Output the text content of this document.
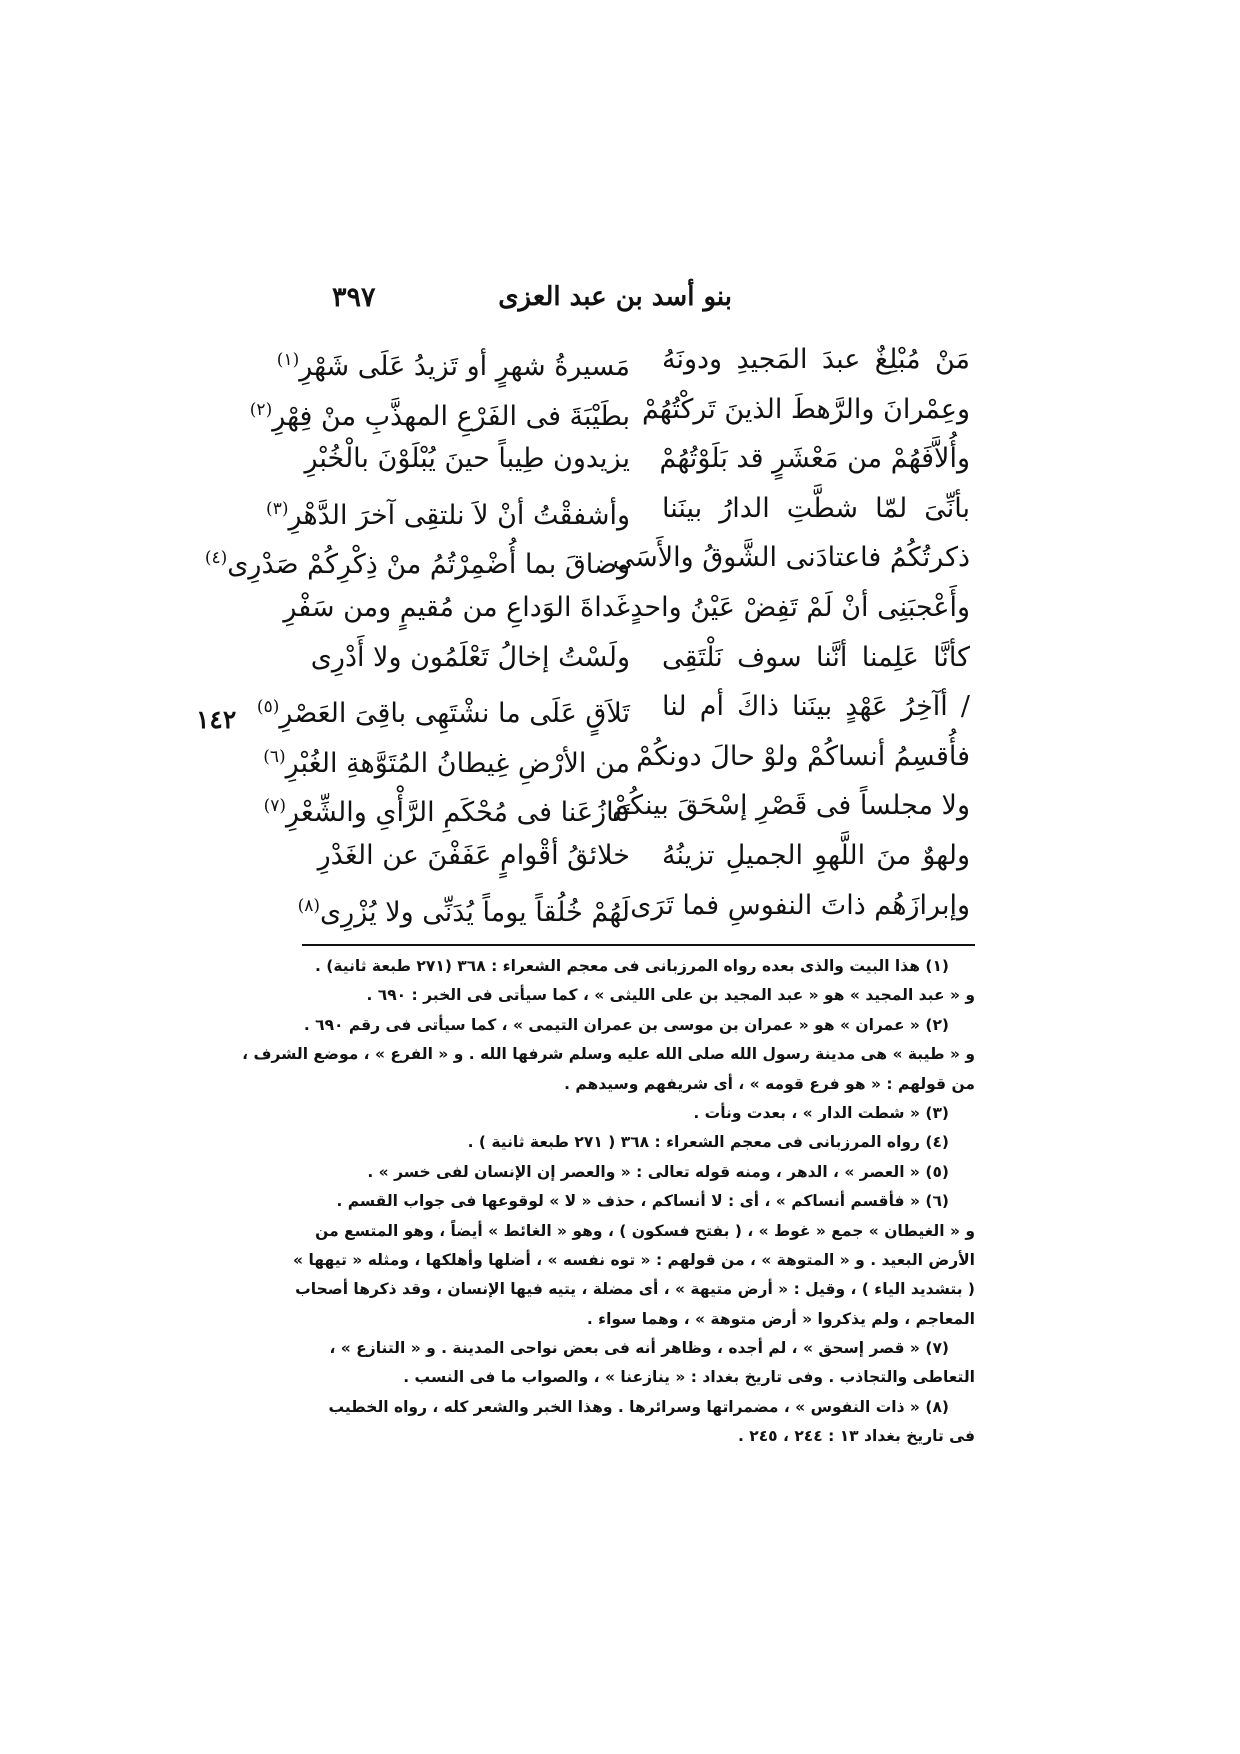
بنو أسد بن عبد العزى
٣٩٧
١٤٢
مَنْ مُبْلِغٌ عبدَ المَجيدِ ودونَهُ
مَسيرةُ شهرٍ أو تَزيدُ عَلَى شَهْرِ$^{(١)}$
وعِمْرانَ والرَّهطَ الذينَ تَركْتُهُمْ
بطَيْبَةَ فى الفَرْعِ المهذَّبِ منْ فِهْرِ$^{(٢)}$
وأُلاَّفَهُمْ من مَعْشَرٍ قد بَلَوْتُهُمْ
يزيدون طِيباً حينَ يُبْلَوْنَ بالْخُبْرِ
بأنِّىَ لمّا شطَّتِ الدارُ بينَنا
وأشفقْتُ أنْ لاَ نلتقِى آخرَ الدَّهْرِ$^{(٣)}$
ذكرتُكُمُ فاعتادَنى الشَّوقُ والأَسَى
وضاقَ بما أُضْمِرْتُمُ منْ ذِكْرِكُمْ صَدْرِى$^{(٤)}$
وأَعْجبَنِى أنْ لَمْ تَفِضْ عَيْنُ واحدٍ
غَداةَ الوَداعِ من مُقيمٍ ومن سَفْرِ
كأنَّا عَلِمنا أنَّنا سوف نَلْتَقِى
ولَسْتُ إخالُ تَعْلَمُون ولا أَدْرِى
/ أآخِرُ عَهْدٍ بينَنا ذاكَ أم لنا
تَلاَقٍ عَلَى ما نشْتَهِى باقِىَ العَصْرِ$^{(٥)}$
فأُقسِمُ أنساكُمْ ولوْ حالَ دونكُمْ
من الأرْضِ غِيطانُ المُتَوَّهةِ الغُبْرِ$^{(٦)}$
ولا مجلساً فى قَصْرِ إسْحَقَ بينكُمْ
تَنازُعَنا فى مُحْكَمِ الرَّأْىِ والشِّعْرِ$^{(٧)}$
ولهوٌ منَ اللَّهوِ الجميلِ تزينُهُ
خلائقُ أقْوامٍ عَفَفْنَ عن الغَدْرِ
وإبرازَهُم ذاتَ النفوسِ فما تَرَى
لَهُمْ خُلُقاً يوماً يُدَنِّى ولا يُزْرِى$^{(٨)}$
(١) هذا البيت والذى بعده رواه المرزبانى فى معجم الشعراء : ٣٦٨ (٢٧١ طبعة ثانية) .
و « عبد المجيد » هو « عبد المجيد بن على الليثى » ، كما سيأتى فى الخبر : ٦٩٠ .
(٢) « عمران » هو « عمران بن موسى بن عمران التيمى » ، كما سيأتى فى رقم ٦٩٠ .
و « طيبة » هى مدينة رسول الله صلى الله عليه وسلم شرفها الله . و « الفرع » ، موضع الشرف ،
من قولهم : « هو فرع قومه » ، أى شريفهم وسيدهم .
(٣) « شطت الدار » ، بعدت ونأت .
(٤) رواه المرزبانى فى معجم الشعراء : ٣٦٨ ( ٢٧١ طبعة ثانية ) .
(٥) « العصر » ، الدهر ، ومنه قوله تعالى : « والعصر إن الإنسان لفى خسر » .
(٦) « فأقسم أنساكم » ، أى : لا أنساكم ، حذف « لا » لوقوعها فى جواب القسم .
و « الغيطان » جمع « غوط » ، ( بفتح فسكون ) ، وهو « الغائط » أيضاً ، وهو المتسع من
الأرض البعيد . و « المتوهة » ، من قولهم : « توه نفسه » ، أضلها وأهلكها ، ومثله « تيهها »
( بتشديد الياء ) ، وقيل : « أرض متيهة » ، أى مضلة ، يتيه فيها الإنسان ، وقد ذكرها أصحاب
المعاجم ، ولم يذكروا « أرض متوهة » ، وهما سواء .
(٧) « قصر إسحق » ، لم أجده ، وظاهر أنه فى بعض نواحى المدينة . و « التنازع » ،
التعاطى والتجاذب . وفى تاريخ بغداد : « ينازعنا » ، والصواب ما فى النسب .
(٨) « ذات النفوس » ، مضمراتها وسرائرها . وهذا الخبر والشعر كله ، رواه الخطيب
فى تاريخ بغداد ١٣ : ٢٤٤ ، ٢٤٥ .
